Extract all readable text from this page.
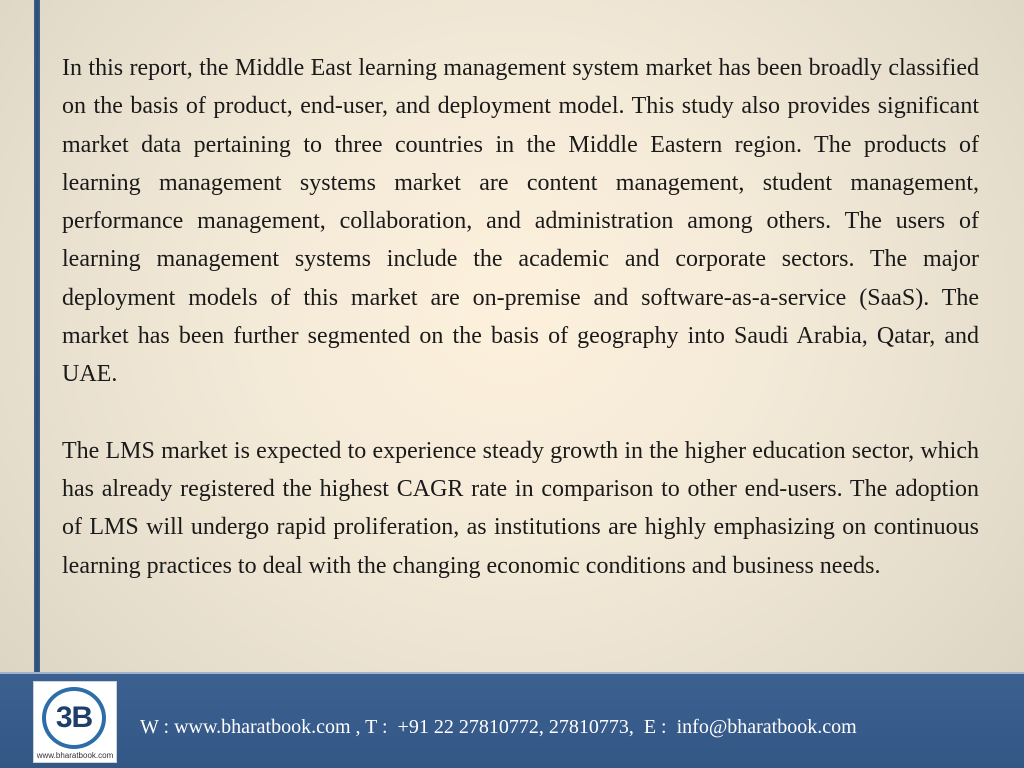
In this report, the Middle East learning management system market has been broadly classified on the basis of product, end-user, and deployment model. This study also provides significant market data pertaining to three countries in the Middle Eastern region. The products of learning management systems market are content management, student management, performance management, collaboration, and administration among others. The users of learning management systems include the academic and corporate sectors. The major deployment models of this market are on-premise and software-as-a-service (SaaS). The market has been further segmented on the basis of geography into Saudi Arabia, Qatar, and UAE.

The LMS market is expected to experience steady growth in the higher education sector, which has already registered the highest CAGR rate in comparison to other end-users. The adoption of LMS will undergo rapid proliferation, as institutions are highly emphasizing on continuous learning practices to deal with the changing economic conditions and business needs.

3B
www.bharatbook.com
W : www.bharatbook.com , T :  +91 22 27810772, 27810773,  E :  info@bharatbook.com
